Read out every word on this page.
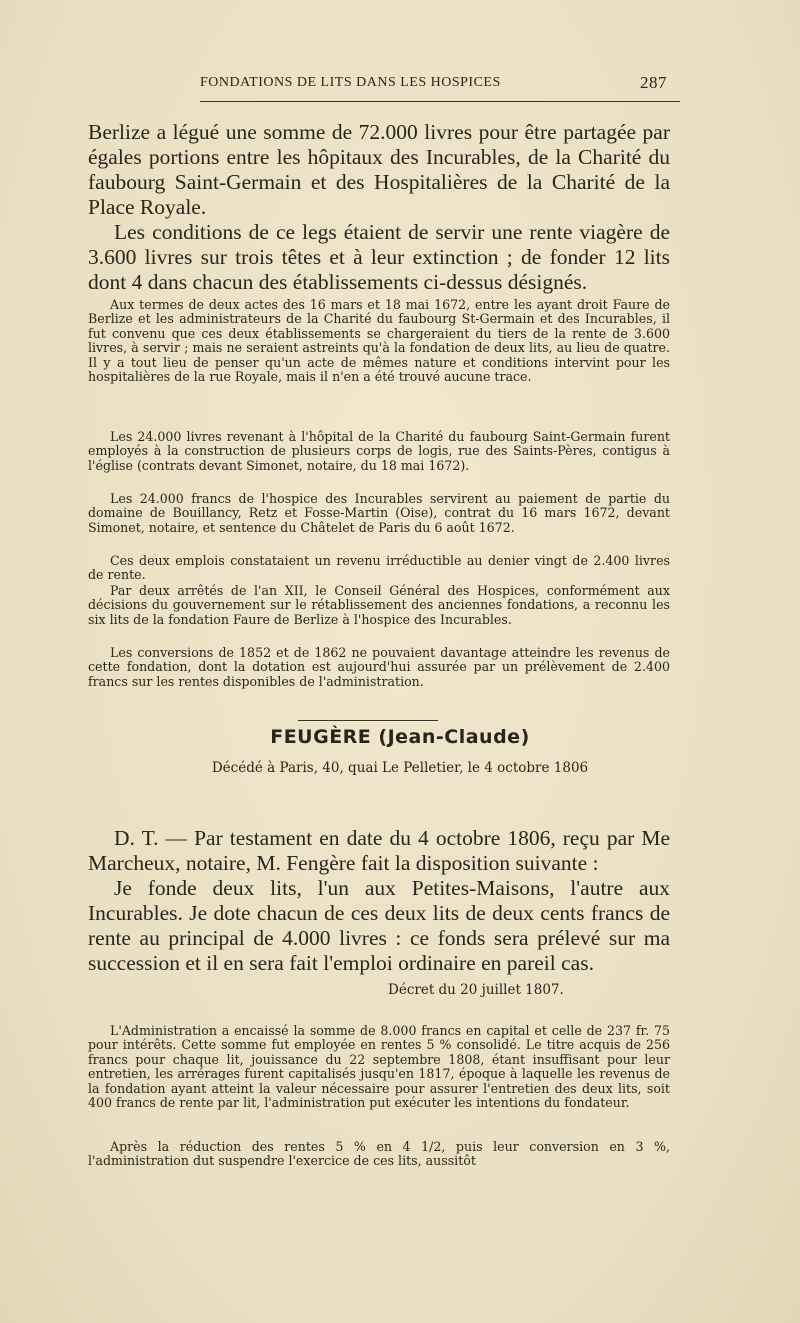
FONDATIONS DE LITS DANS LES HOSPICES	287

Berlize a légué une somme de 72.000 livres pour être partagée par égales portions entre les hôpitaux des Incurables, de la Charité du faubourg Saint-Germain et des Hospitalières de la Charité de la Place Royale.

Les conditions de ce legs étaient de servir une rente viagère de 3.600 livres sur trois têtes et à leur extinction ; de fonder 12 lits dont 4 dans chacun des établissements ci-dessus désignés.

Aux termes de deux actes des 16 mars et 18 mai 1672, entre les ayant droit Faure de Berlize et les administrateurs de la Charité du faubourg St-Germain et des Incurables, il fut convenu que ces deux établissements se chargeraient du tiers de la rente de 3.600 livres, à servir ; mais ne seraient astreints qu'à la fondation de deux lits, au lieu de quatre. Il y a tout lieu de penser qu'un acte de mêmes nature et conditions intervint pour les hospitalières de la rue Royale, mais il n'en a été trouvé aucune trace.

Les 24.000 livres revenant à l'hôpital de la Charité du faubourg Saint-Germain furent employés à la construction de plusieurs corps de logis, rue des Saints-Pères, contigus à l'église (contrats devant Simonet, notaire, du 18 mai 1672).

Les 24.000 francs de l'hospice des Incurables servirent au paiement de partie du domaine de Bouillancy, Retz et Fosse-Martin (Oise), contrat du 16 mars 1672, devant Simonet, notaire, et sentence du Châtelet de Paris du 6 août 1672.

Ces deux emplois constataient un revenu irréductible au denier vingt de 2.400 livres de rente.

Par deux arrêtés de l'an XII, le Conseil Général des Hospices, conformément aux décisions du gouvernement sur le rétablissement des anciennes fondations, a reconnu les six lits de la fondation Faure de Berlize à l'hospice des Incurables.

Les conversions de 1852 et de 1862 ne pouvaient davantage atteindre les revenus de cette fondation, dont la dotation est aujourd'hui assurée par un prélèvement de 2.400 francs sur les rentes disponibles de l'administration.

FEUGÈRE (Jean-Claude)
Décédé à Paris, 40, quai Le Pelletier, le 4 octobre 1806

D. T. — Par testament en date du 4 octobre 1806, reçu par Me Marcheux, notaire, M. Fengère fait la disposition suivante :

Je fonde deux lits, l'un aux Petites-Maisons, l'autre aux Incurables. Je dote chacun de ces deux lits de deux cents francs de rente au principal de 4.000 livres : ce fonds sera prélevé sur ma succession et il en sera fait l'emploi ordinaire en pareil cas.

Décret du 20 juillet 1807.

L'Administration a encaissé la somme de 8.000 francs en capital et celle de 237 fr. 75 pour intérêts. Cette somme fut employée en rentes 5 % consolidé. Le titre acquis de 256 francs pour chaque lit, jouissance du 22 septembre 1808, étant insuffisant pour leur entretien, les arrérages furent capitalisés jusqu'en 1817, époque à laquelle les revenus de la fondation ayant atteint la valeur nécessaire pour assurer l'entretien des deux lits, soit 400 francs de rente par lit, l'administration put exécuter les intentions du fondateur.

Après la réduction des rentes 5 % en 4 1/2, puis leur conversion en 3 %, l'administration dut suspendre l'exercice de ces lits, aussitôt
